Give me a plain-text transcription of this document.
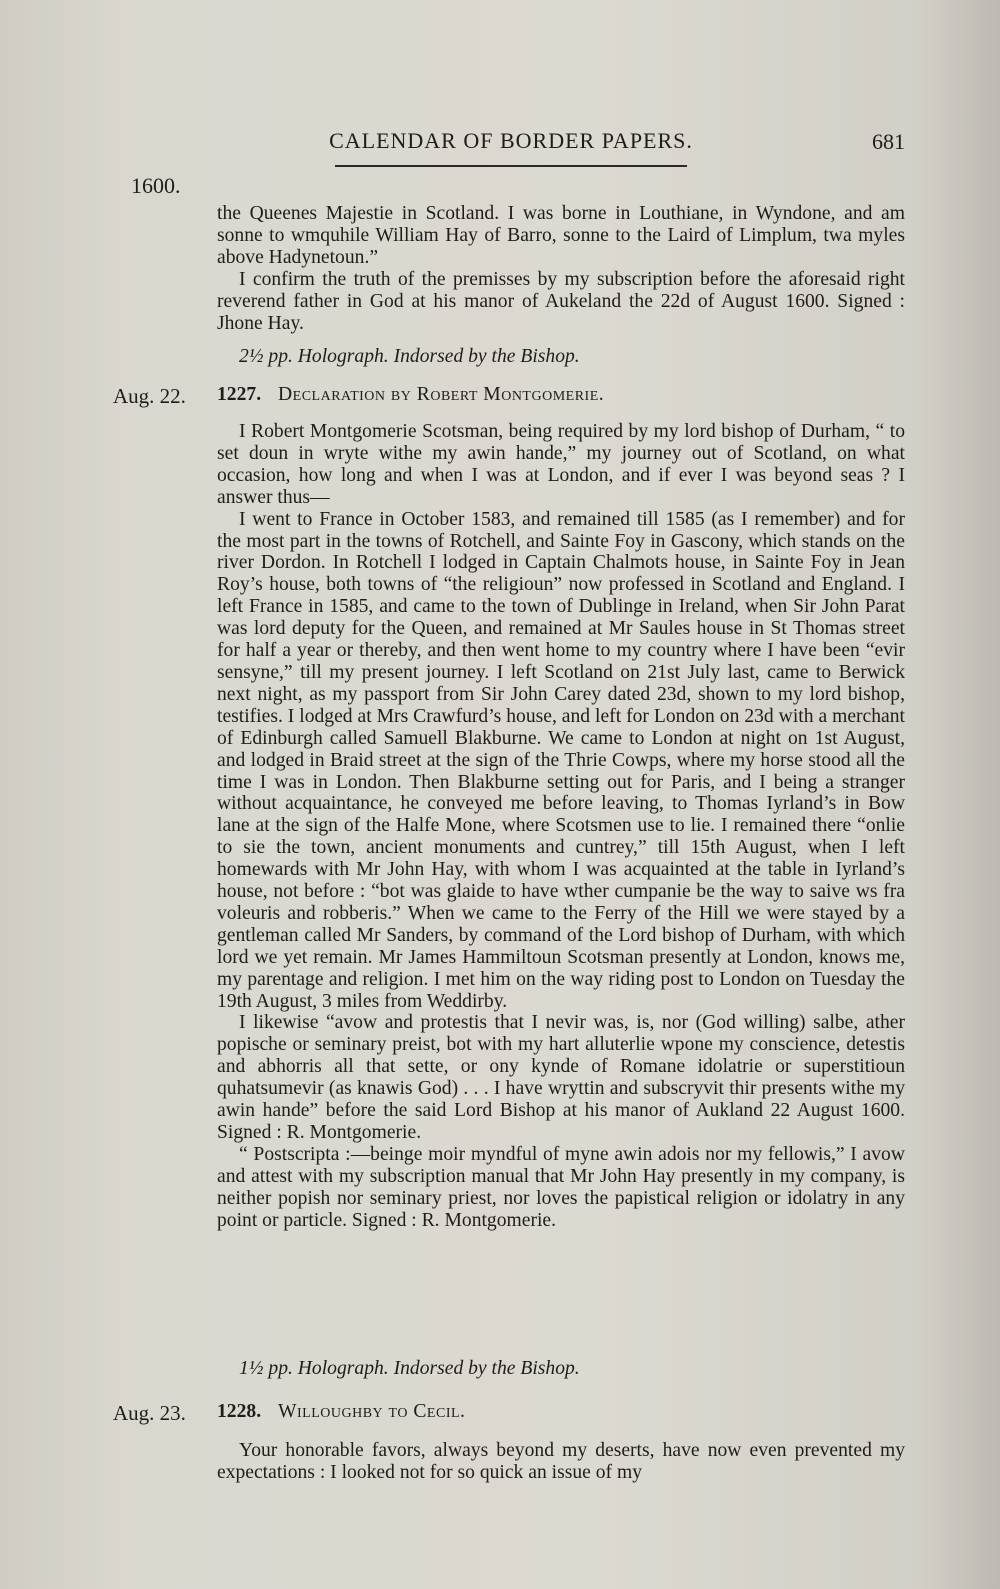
CALENDAR OF BORDER PAPERS.	681
1600.

the Queenes Majestie in Scotland. I was borne in Louthiane, in Wyndone, and am sonne to wmquhile William Hay of Barro, sonne to the Laird of Limplum, twa myles above Hadynetoun.”

I confirm the truth of the premisses by my subscription before the aforesaid right reverend father in God at his manor of Aukeland the 22d of August 1600. Signed : Jhone Hay.

2½ pp. Holograph. Indorsed by the Bishop.
Aug. 22. 1227. Declaration by Robert Montgomerie.

I Robert Montgomerie Scotsman, being required by my lord bishop of Durham, “ to set doun in wryte withe my awin hande,” my journey out of Scotland, on what occasion, how long and when I was at London, and if ever I was beyond seas ? I answer thus—

I went to France in October 1583, and remained till 1585 (as I remember) and for the most part in the towns of Rotchell, and Sainte Foy in Gascony, which stands on the river Dordon. In Rotchell I lodged in Captain Chalmots house, in Sainte Foy in Jean Roy’s house, both towns of “the religioun” now professed in Scotland and England. I left France in 1585, and came to the town of Dublinge in Ireland, when Sir John Parat was lord deputy for the Queen, and remained at Mr Saules house in St Thomas street for half a year or thereby, and then went home to my country where I have been “evir sensyne,” till my present journey. I left Scotland on 21st July last, came to Berwick next night, as my passport from Sir John Carey dated 23d, shown to my lord bishop, testifies. I lodged at Mrs Crawfurd’s house, and left for London on 23d with a merchant of Edinburgh called Samuell Blakburne. We came to London at night on 1st August, and lodged in Braid street at the sign of the Thrie Cowps, where my horse stood all the time I was in London. Then Blakburne setting out for Paris, and I being a stranger without acquaintance, he conveyed me before leaving, to Thomas Iyrland’s in Bow lane at the sign of the Halfe Mone, where Scotsmen use to lie. I remained there “onlie to sie the town, ancient monuments and cuntrey,” till 15th August, when I left homewards with Mr John Hay, with whom I was acquainted at the table in Iyrland’s house, not before : “bot was glaide to have wther cumpanie be the way to saive ws fra voleuris and robberis.” When we came to the Ferry of the Hill we were stayed by a gentleman called Mr Sanders, by command of the Lord bishop of Durham, with which lord we yet remain. Mr James Hammiltoun Scotsman presently at London, knows me, my parentage and religion. I met him on the way riding post to London on Tuesday the 19th August, 3 miles from Weddirby.

I likewise “avow and protestis that I nevir was, is, nor (God willing) salbe, ather popische or seminary preist, bot with my hart alluterlie wpone my conscience, detestis and abhorris all that sette, or ony kynde of Romane idolatrie or superstitioun quhatsumevir (as knawis God) . . . I have wryttin and subscryvit thir presents withe my awin hande” before the said Lord Bishop at his manor of Aukland 22 August 1600. Signed : R. Montgomerie.

“ Postscripta :—beinge moir myndful of myne awin adois nor my fellowis,” I avow and attest with my subscription manual that Mr John Hay presently in my company, is neither popish nor seminary priest, nor loves the papistical religion or idolatry in any point or particle. Signed : R. Montgomerie.

1½ pp. Holograph. Indorsed by the Bishop.
Aug. 23. 1228. Willoughby to Cecil.

Your honorable favors, always beyond my deserts, have now even prevented my expectations : I looked not for so quick an issue of my
